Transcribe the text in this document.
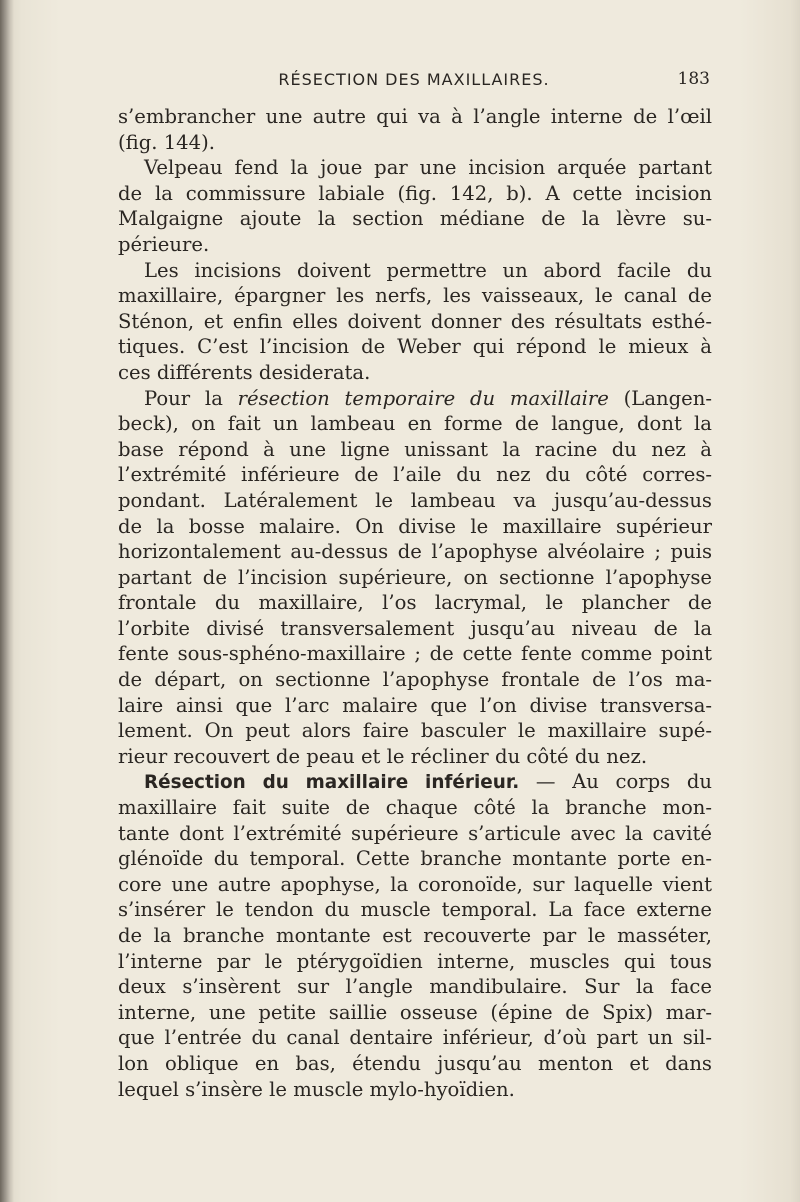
RÉSECTION DES MAXILLAIRES.	183
s’embrancher une autre qui va à l’angle interne de l’œil
(fig. 144).
Velpeau fend la joue par une incision arquée partant
de la commissure labiale (fig. 142, b). A cette incision
Malgaigne ajoute la section médiane de la lèvre su-
périeure.
Les incisions doivent permettre un abord facile du
maxillaire, épargner les nerfs, les vaisseaux, le canal de
Sténon, et enfin elles doivent donner des résultats esthé-
tiques. C’est l’incision de Weber qui répond le mieux à
ces différents desiderata.
Pour la résection temporaire du maxillaire (Langen-
beck), on fait un lambeau en forme de langue, dont la
base répond à une ligne unissant la racine du nez à
l’extrémité inférieure de l’aile du nez du côté corres-
pondant. Latéralement le lambeau va jusqu’au-dessus
de la bosse malaire. On divise le maxillaire supérieur
horizontalement au-dessus de l’apophyse alvéolaire ; puis
partant de l’incision supérieure, on sectionne l’apophyse
frontale du maxillaire, l’os lacrymal, le plancher de
l’orbite divisé transversalement jusqu’au niveau de la
fente sous-sphéno-maxillaire ; de cette fente comme point
de départ, on sectionne l’apophyse frontale de l’os ma-
laire ainsi que l’arc malaire que l’on divise transversa-
lement. On peut alors faire basculer le maxillaire supé-
rieur recouvert de peau et le récliner du côté du nez.
Résection du maxillaire inférieur. — Au corps du
maxillaire fait suite de chaque côté la branche mon-
tante dont l’extrémité supérieure s’articule avec la cavité
glénoïde du temporal. Cette branche montante porte en-
core une autre apophyse, la coronoïde, sur laquelle vient
s’insérer le tendon du muscle temporal. La face externe
de la branche montante est recouverte par le masséter,
l’interne par le ptérygoïdien interne, muscles qui tous
deux s’insèrent sur l’angle mandibulaire. Sur la face
interne, une petite saillie osseuse (épine de Spix) mar-
que l’entrée du canal dentaire inférieur, d’où part un sil-
lon oblique en bas, étendu jusqu’au menton et dans
lequel s’insère le muscle mylo-hyoïdien.
